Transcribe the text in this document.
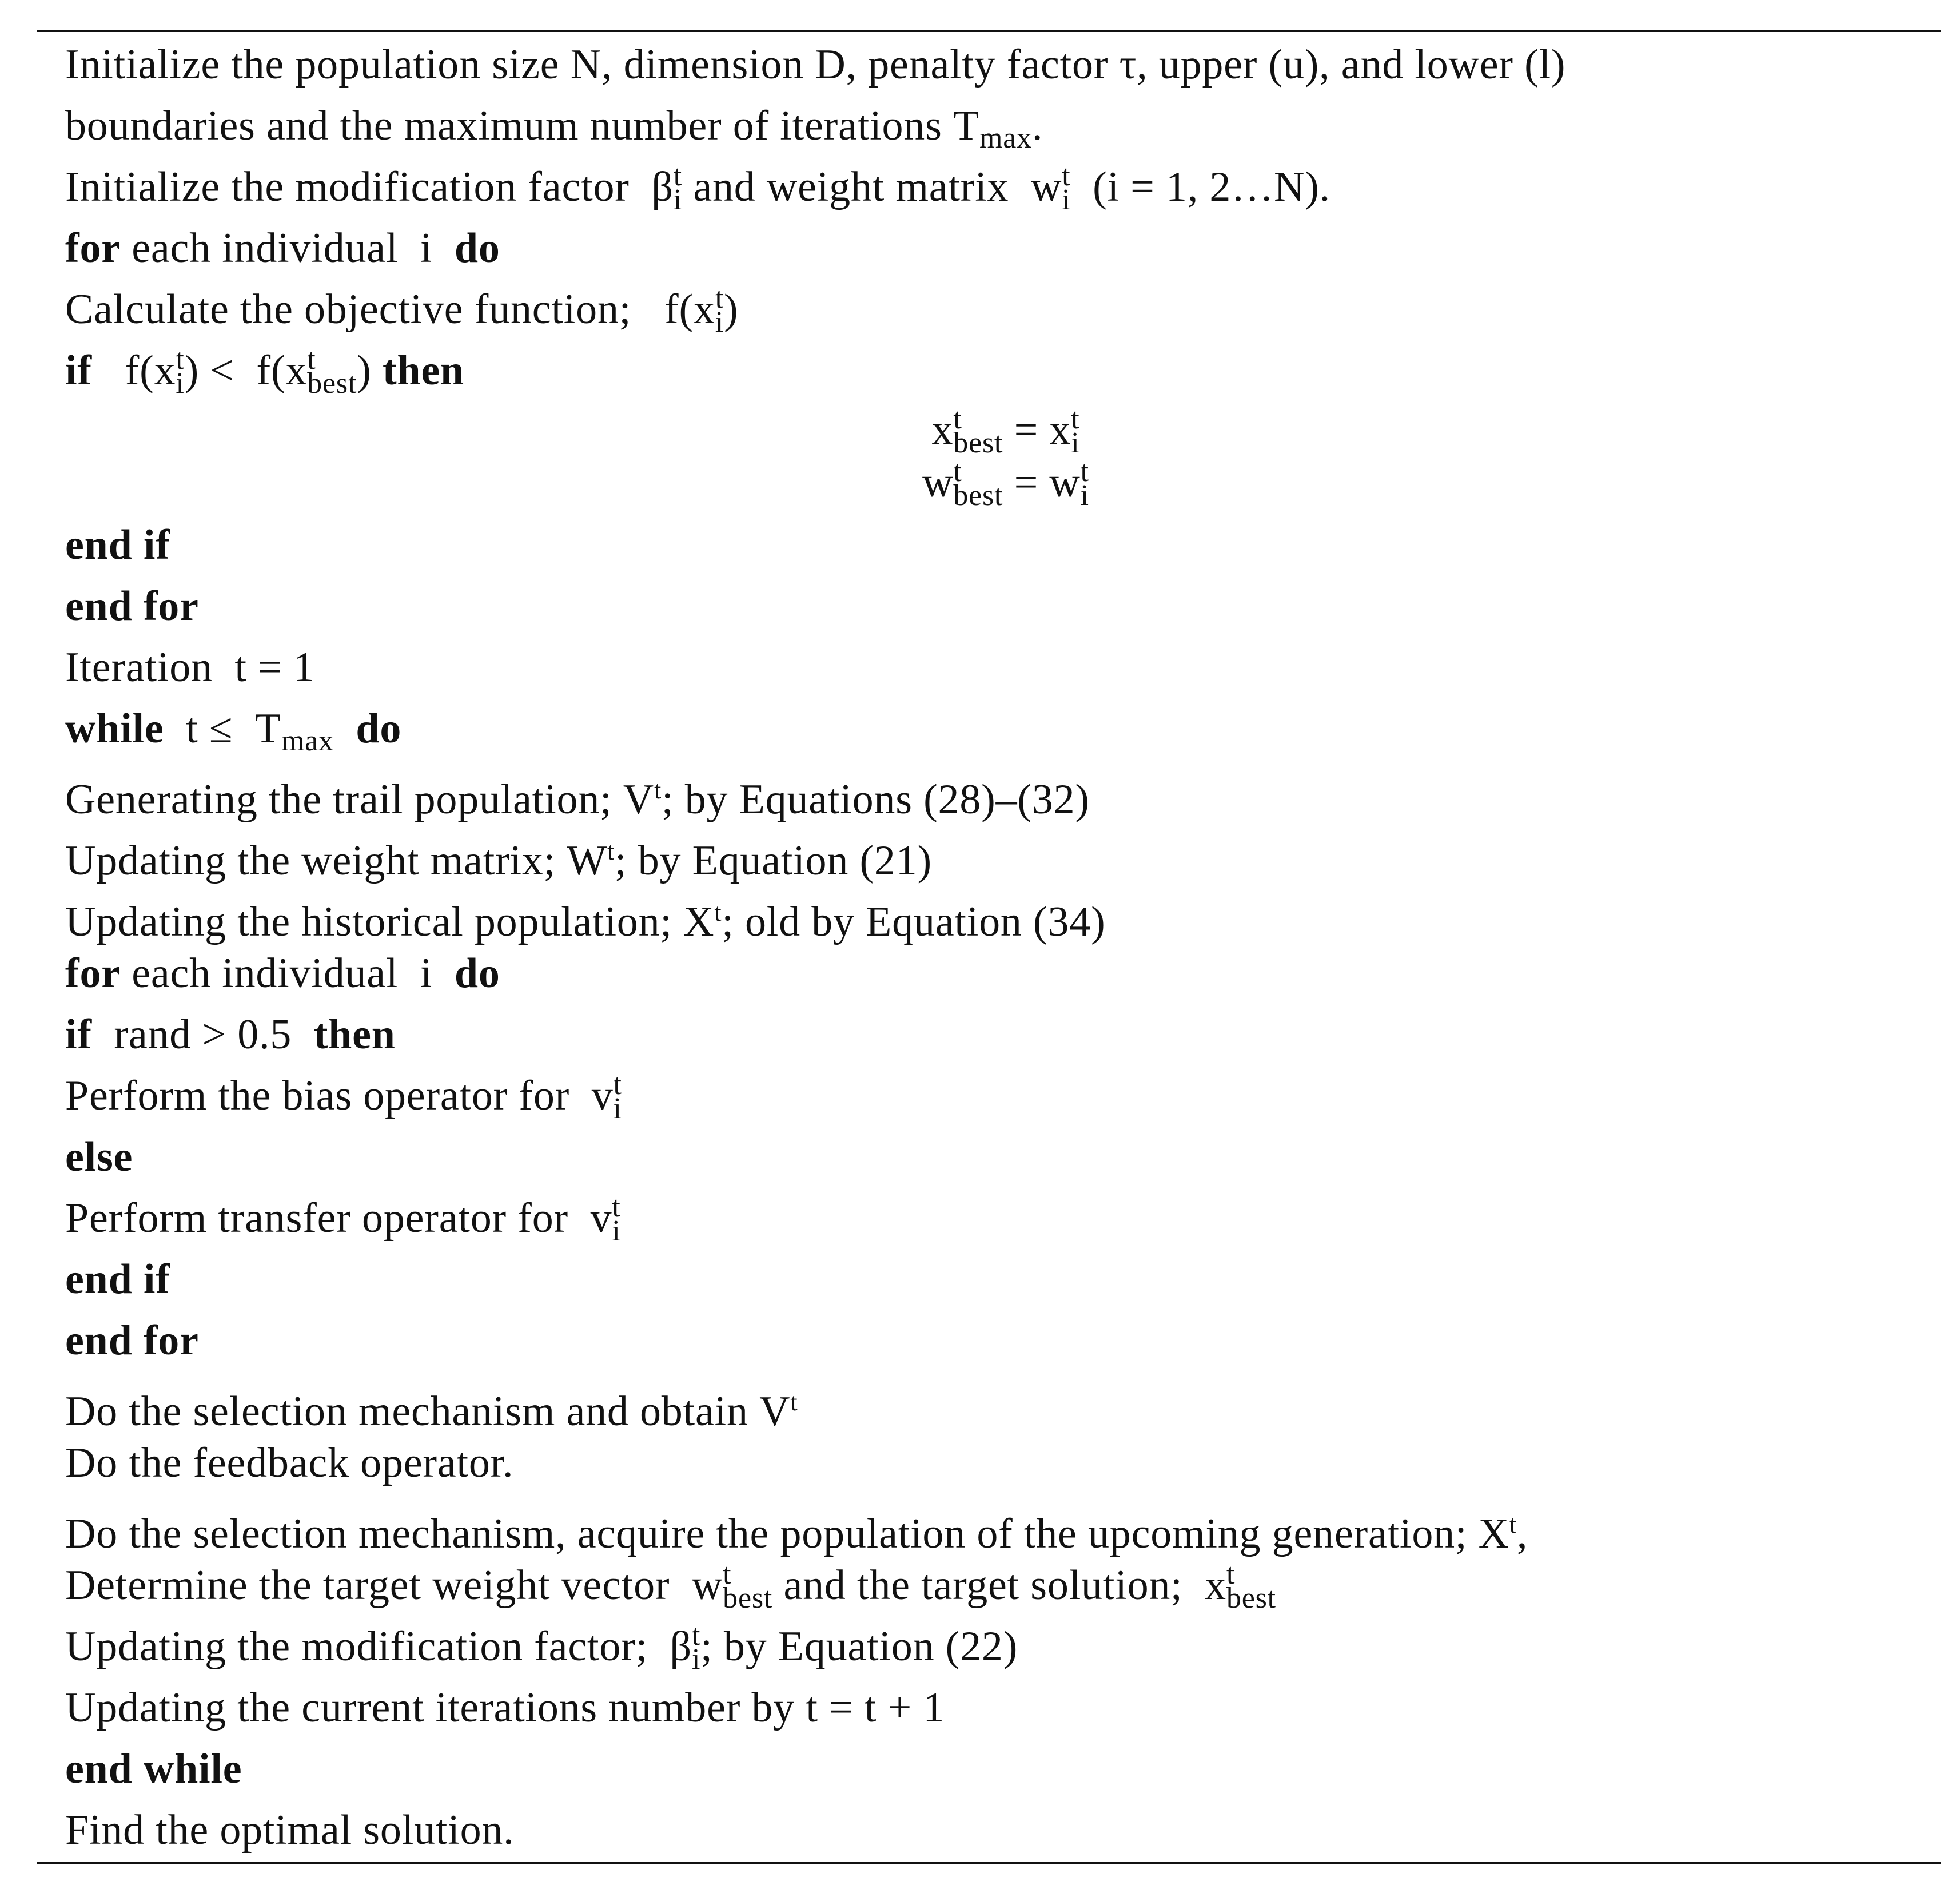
Initialize the population size N, dimension D, penalty factor τ, upper (u), and lower (l)
boundaries and the maximum number of iterations Tmax.
Initialize the modification factor  β t
i and weight matrix  w t
i (i = 1, 2…N).
for each individual  i  do
Calculate the objective function;   f(x t
i )
if   f(x t
i ) <  f(x t
best ) then
x t
best = x t
i
w t
best = w t
i
end if
end for
Iteration  t = 1
while  t ≤  Tmax do
Generating the trail population; $V^t$; by Equations (28)–(32)
Updating the weight matrix; $W^t$; by Equation (21)
Updating the historical population; $X^t$; old by Equation (34)
for each individual  i  do
if  rand > 0.5  then
Perform the bias operator for  v t
i
else
Perform transfer operator for  v t
i
end if
end for
Do the selection mechanism and obtain $V^t$
Do the feedback operator.
Do the selection mechanism, acquire the population of the upcoming generation; $X^t$,
Determine the target weight vector  w t
best and the target solution;  x t
best
Updating the modification factor;  β t
i ; by Equation (22)
Updating the current iterations number by t = t + 1
end while
Find the optimal solution.
